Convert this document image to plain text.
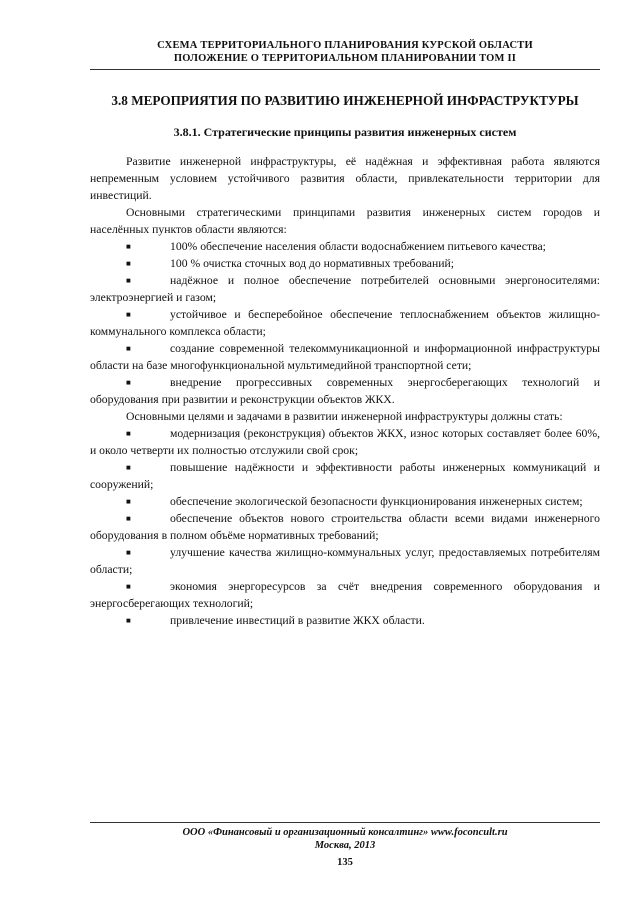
СХЕМА ТЕРРИТОРИАЛЬНОГО ПЛАНИРОВАНИЯ КУРСКОЙ ОБЛАСТИ
ПОЛОЖЕНИЕ О ТЕРРИТОРИАЛЬНОМ ПЛАНИРОВАНИИ ТОМ II
3.8 МЕРОПРИЯТИЯ ПО РАЗВИТИЮ ИНЖЕНЕРНОЙ ИНФРАСТРУКТУРЫ
3.8.1. Стратегические принципы развития инженерных систем

Развитие инженерной инфраструктуры, её надёжная и эффективная работа являются непременным условием устойчивого развития области, привлекательности территории для инвестиций.

Основными стратегическими принципами развития инженерных систем городов и населённых пунктов области являются:

■	100% обеспечение населения области водоснабжением питьевого качества;

■	100 % очистка сточных вод до нормативных требований;

■	надёжное и полное обеспечение потребителей основными энергоносителями: электроэнергией и газом;

■	устойчивое и бесперебойное обеспечение теплоснабжением объектов жилищно-коммунального комплекса области;

■	создание современной телекоммуникационной и информационной инфраструктуры области на базе многофункциональной мультимедийной транспортной сети;

■	внедрение прогрессивных современных энергосберегающих технологий и оборудования при развитии и реконструкции объектов ЖКХ.

Основными целями и задачами в развитии инженерной инфраструктуры должны стать:

■	модернизация (реконструкция) объектов ЖКХ, износ которых составляет более 60%, и около четверти их полностью отслужили свой срок;

■	повышение надёжности и эффективности работы инженерных коммуникаций и сооружений;

■	обеспечение экологической безопасности функционирования инженерных систем;

■	обеспечение объектов нового строительства области всеми видами инженерного оборудования в полном объёме нормативных требований;

■	улучшение качества жилищно-коммунальных услуг, предоставляемых потребителям области;

■	экономия энергоресурсов за счёт внедрения современного оборудования и энергосберегающих технологий;

■	привлечение инвестиций в развитие ЖКХ области.

ООО «Финансовый и организационный консалтинг» www.foconcult.ru
Москва, 2013
135
